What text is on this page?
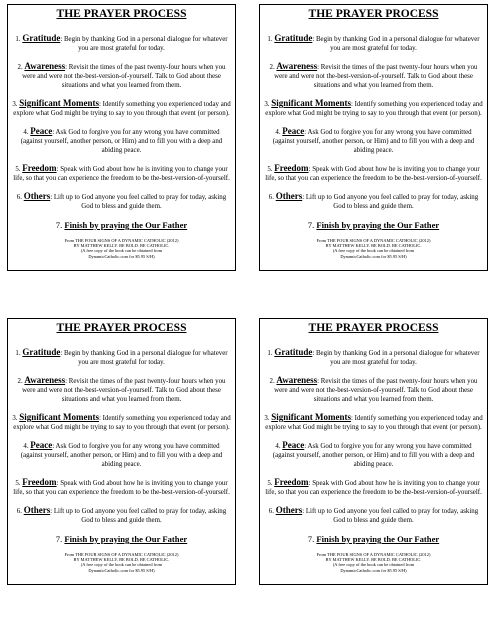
THE PRAYER PROCESS
1. Gratitude: Begin by thanking God in a personal dialogue for whatever you are most grateful for today.
2. Awareness: Revisit the times of the past twenty-four hours when you were and were not the-best-version-of-yourself. Talk to God about these situations and what you learned from them.
3. Significant Moments: Identify something you experienced today and explore what God might be trying to say to you through that event (or person).
4. Peace: Ask God to forgive you for any wrong you have committed (against yourself, another person, or Him) and to fill you with a deep and abiding peace.
5. Freedom: Speak with God about how he is inviting you to change your life, so that you can experience the freedom to be the-best-version-of-yourself.
6. Others: Lift up to God anyone you feel called to pray for today, asking God to bless and guide them.
7. Finish by praying the Our Father
From THE FOUR SIGNS OF A DYNAMIC CATHOLIC (2012)
BY MATTHEW KELLY. BE BOLD. BE CATHOLIC.
(A free copy of the book can be obtained from
DynamicCatholic.com for $5.95 S/H)
THE PRAYER PROCESS
1. Gratitude: Begin by thanking God in a personal dialogue for whatever you are most grateful for today.
2. Awareness: Revisit the times of the past twenty-four hours when you were and were not the-best-version-of-yourself. Talk to God about these situations and what you learned from them.
3. Significant Moments: Identify something you experienced today and explore what God might be trying to say to you through that event (or person).
4. Peace: Ask God to forgive you for any wrong you have committed (against yourself, another person, or Him) and to fill you with a deep and abiding peace.
5. Freedom: Speak with God about how he is inviting you to change your life, so that you can experience the freedom to be the-best-version-of-yourself.
6. Others: Lift up to God anyone you feel called to pray for today, asking God to bless and guide them.
7. Finish by praying the Our Father
From THE FOUR SIGNS OF A DYNAMIC CATHOLIC (2012)
BY MATTHEW KELLY. BE BOLD. BE CATHOLIC.
(A free copy of the book can be obtained from
DynamicCatholic.com for $5.95 S/H)
THE PRAYER PROCESS
1. Gratitude: Begin by thanking God in a personal dialogue for whatever you are most grateful for today.
2. Awareness: Revisit the times of the past twenty-four hours when you were and were not the-best-version-of-yourself. Talk to God about these situations and what you learned from them.
3. Significant Moments: Identify something you experienced today and explore what God might be trying to say to you through that event (or person).
4. Peace: Ask God to forgive you for any wrong you have committed (against yourself, another person, or Him) and to fill you with a deep and abiding peace.
5. Freedom: Speak with God about how he is inviting you to change your life, so that you can experience the freedom to be the-best-version-of-yourself.
6. Others: Lift up to God anyone you feel called to pray for today, asking God to bless and guide them.
7. Finish by praying the Our Father
From THE FOUR SIGNS OF A DYNAMIC CATHOLIC (2012)
BY MATTHEW KELLY. BE BOLD. BE CATHOLIC.
(A free copy of the book can be obtained from
DynamicCatholic.com for $5.95 S/H)
THE PRAYER PROCESS
1. Gratitude: Begin by thanking God in a personal dialogue for whatever you are most grateful for today.
2. Awareness: Revisit the times of the past twenty-four hours when you were and were not the-best-version-of-yourself. Talk to God about these situations and what you learned from them.
3. Significant Moments: Identify something you experienced today and explore what God might be trying to say to you through that event (or person).
4. Peace: Ask God to forgive you for any wrong you have committed (against yourself, another person, or Him) and to fill you with a deep and abiding peace.
5. Freedom: Speak with God about how he is inviting you to change your life, so that you can experience the freedom to be the-best-version-of-yourself.
6. Others: Lift up to God anyone you feel called to pray for today, asking God to bless and guide them.
7. Finish by praying the Our Father
From THE FOUR SIGNS OF A DYNAMIC CATHOLIC (2012)
BY MATTHEW KELLY. BE BOLD. BE CATHOLIC.
(A free copy of the book can be obtained from
DynamicCatholic.com for $5.95 S/H)
